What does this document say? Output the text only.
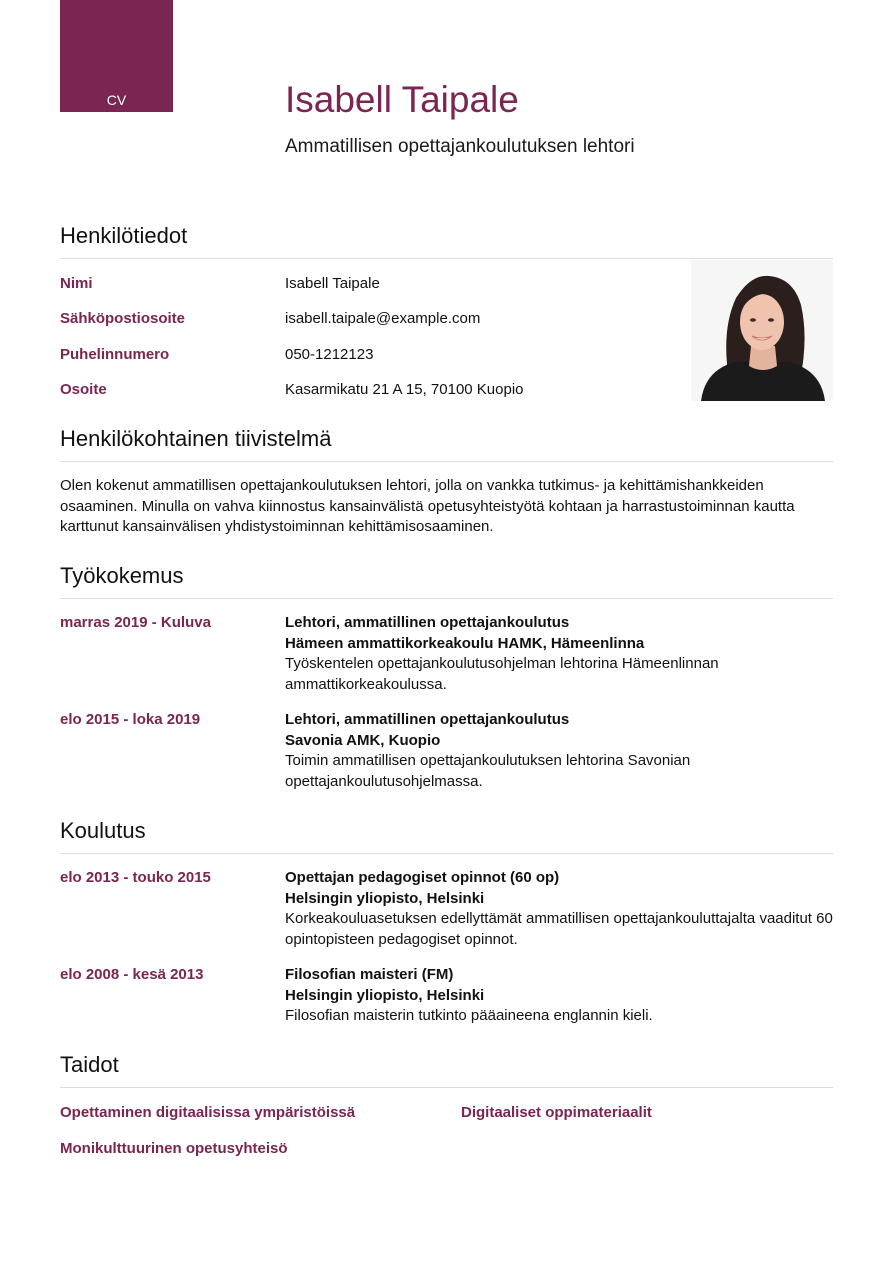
CV	Isabell Taipale
Ammatillisen opettajankoulutuksen lehtori
Henkilötiedot
Nimi	Isabell Taipale
Sähköpostiosoite	isabell.taipale@example.com
Puhelinnumero	050-1212123
Osoite	Kasarmikatu 21 A 15, 70100 Kuopio
Henkilökohtainen tiivistelmä
Olen kokenut ammatillisen opettajankoulutuksen lehtori, jolla on vankka tutkimus- ja kehittämishankkeiden osaaminen. Minulla on vahva kiinnostus kansainvälistä opetusyhteistyötä kohtaan ja harrastustoiminnan kautta karttunut kansainvälisen yhdistystoiminnan kehittämisosaaminen.
Työkokemus
marras 2019 - Kuluva	Lehtori, ammatillinen opettajankoulutus
Hämeen ammattikorkeakoulu HAMK, Hämeenlinna
Työskentelen opettajankoulutusohjelman lehtorina Hämeenlinnan ammattikorkeakoulussa.
elo 2015 - loka 2019	Lehtori, ammatillinen opettajankoulutus
Savonia AMK, Kuopio
Toimin ammatillisen opettajankoulutuksen lehtorina Savonian opettajankoulutusohjelmassa.
Koulutus
elo 2013 - touko 2015	Opettajan pedagogiset opinnot (60 op)
Helsingin yliopisto, Helsinki
Korkeakouluasetuksen edellyttämät ammatillisen opettajankouluttajalta vaaditut 60 opintopisteen pedagogiset opinnot.
elo 2008 - kesä 2013	Filosofian maisteri (FM)
Helsingin yliopisto, Helsinki
Filosofian maisterin tutkinto pääaineena englannin kieli.
Taidot
Opettaminen digitaalisissa ympäristöissä	Digitaaliset oppimateriaalit
Monikulttuurinen opetusyhteisö
